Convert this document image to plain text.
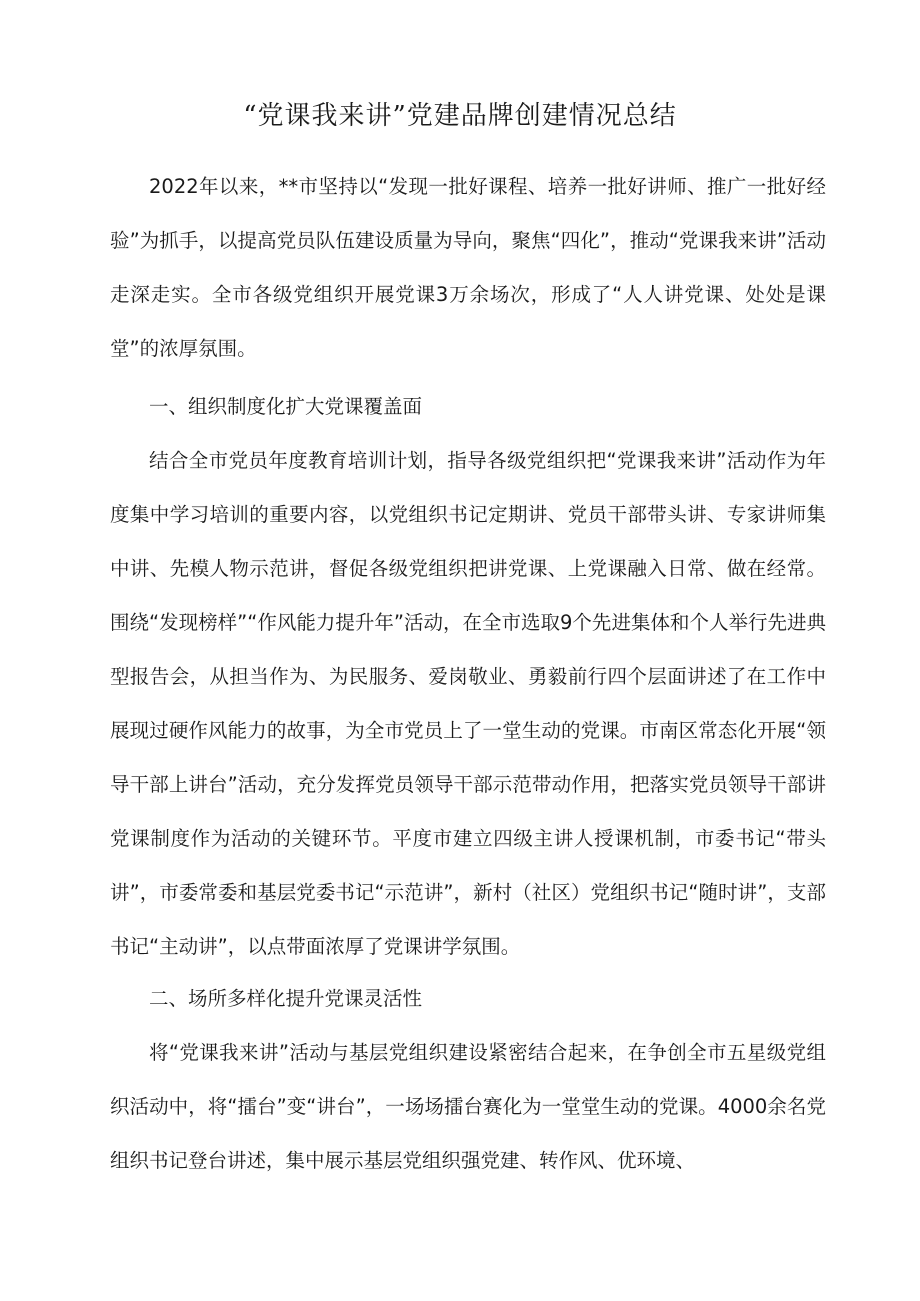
“党课我来讲”党建品牌创建情况总结

2022年以来，**市坚持以“发现一批好课程、培养一批好讲师、推广一批好经验”为抓手，以提高党员队伍建设质量为导向，聚焦“四化”，推动“党课我来讲”活动走深走实。全市各级党组织开展党课3万余场次，形成了“人人讲党课、处处是课堂”的浓厚氛围。

一、组织制度化扩大党课覆盖面

结合全市党员年度教育培训计划，指导各级党组织把“党课我来讲”活动作为年度集中学习培训的重要内容，以党组织书记定期讲、党员干部带头讲、专家讲师集中讲、先模人物示范讲，督促各级党组织把讲党课、上党课融入日常、做在经常。围绕“发现榜样”“作风能力提升年”活动，在全市选取9个先进集体和个人举行先进典型报告会，从担当作为、为民服务、爱岗敬业、勇毅前行四个层面讲述了在工作中展现过硬作风能力的故事，为全市党员上了一堂生动的党课。市南区常态化开展“领导干部上讲台”活动，充分发挥党员领导干部示范带动作用，把落实党员领导干部讲党课制度作为活动的关键环节。平度市建立四级主讲人授课机制，市委书记“带头讲”，市委常委和基层党委书记“示范讲”，新村（社区）党组织书记“随时讲”，支部书记“主动讲”，以点带面浓厚了党课讲学氛围。

二、场所多样化提升党课灵活性

将“党课我来讲”活动与基层党组织建设紧密结合起来，在争创全市五星级党组织活动中，将“擂台”变“讲台”，一场场擂台赛化为一堂堂生动的党课。4000余名党组织书记登台讲述，集中展示基层党组织强党建、转作风、优环境、
